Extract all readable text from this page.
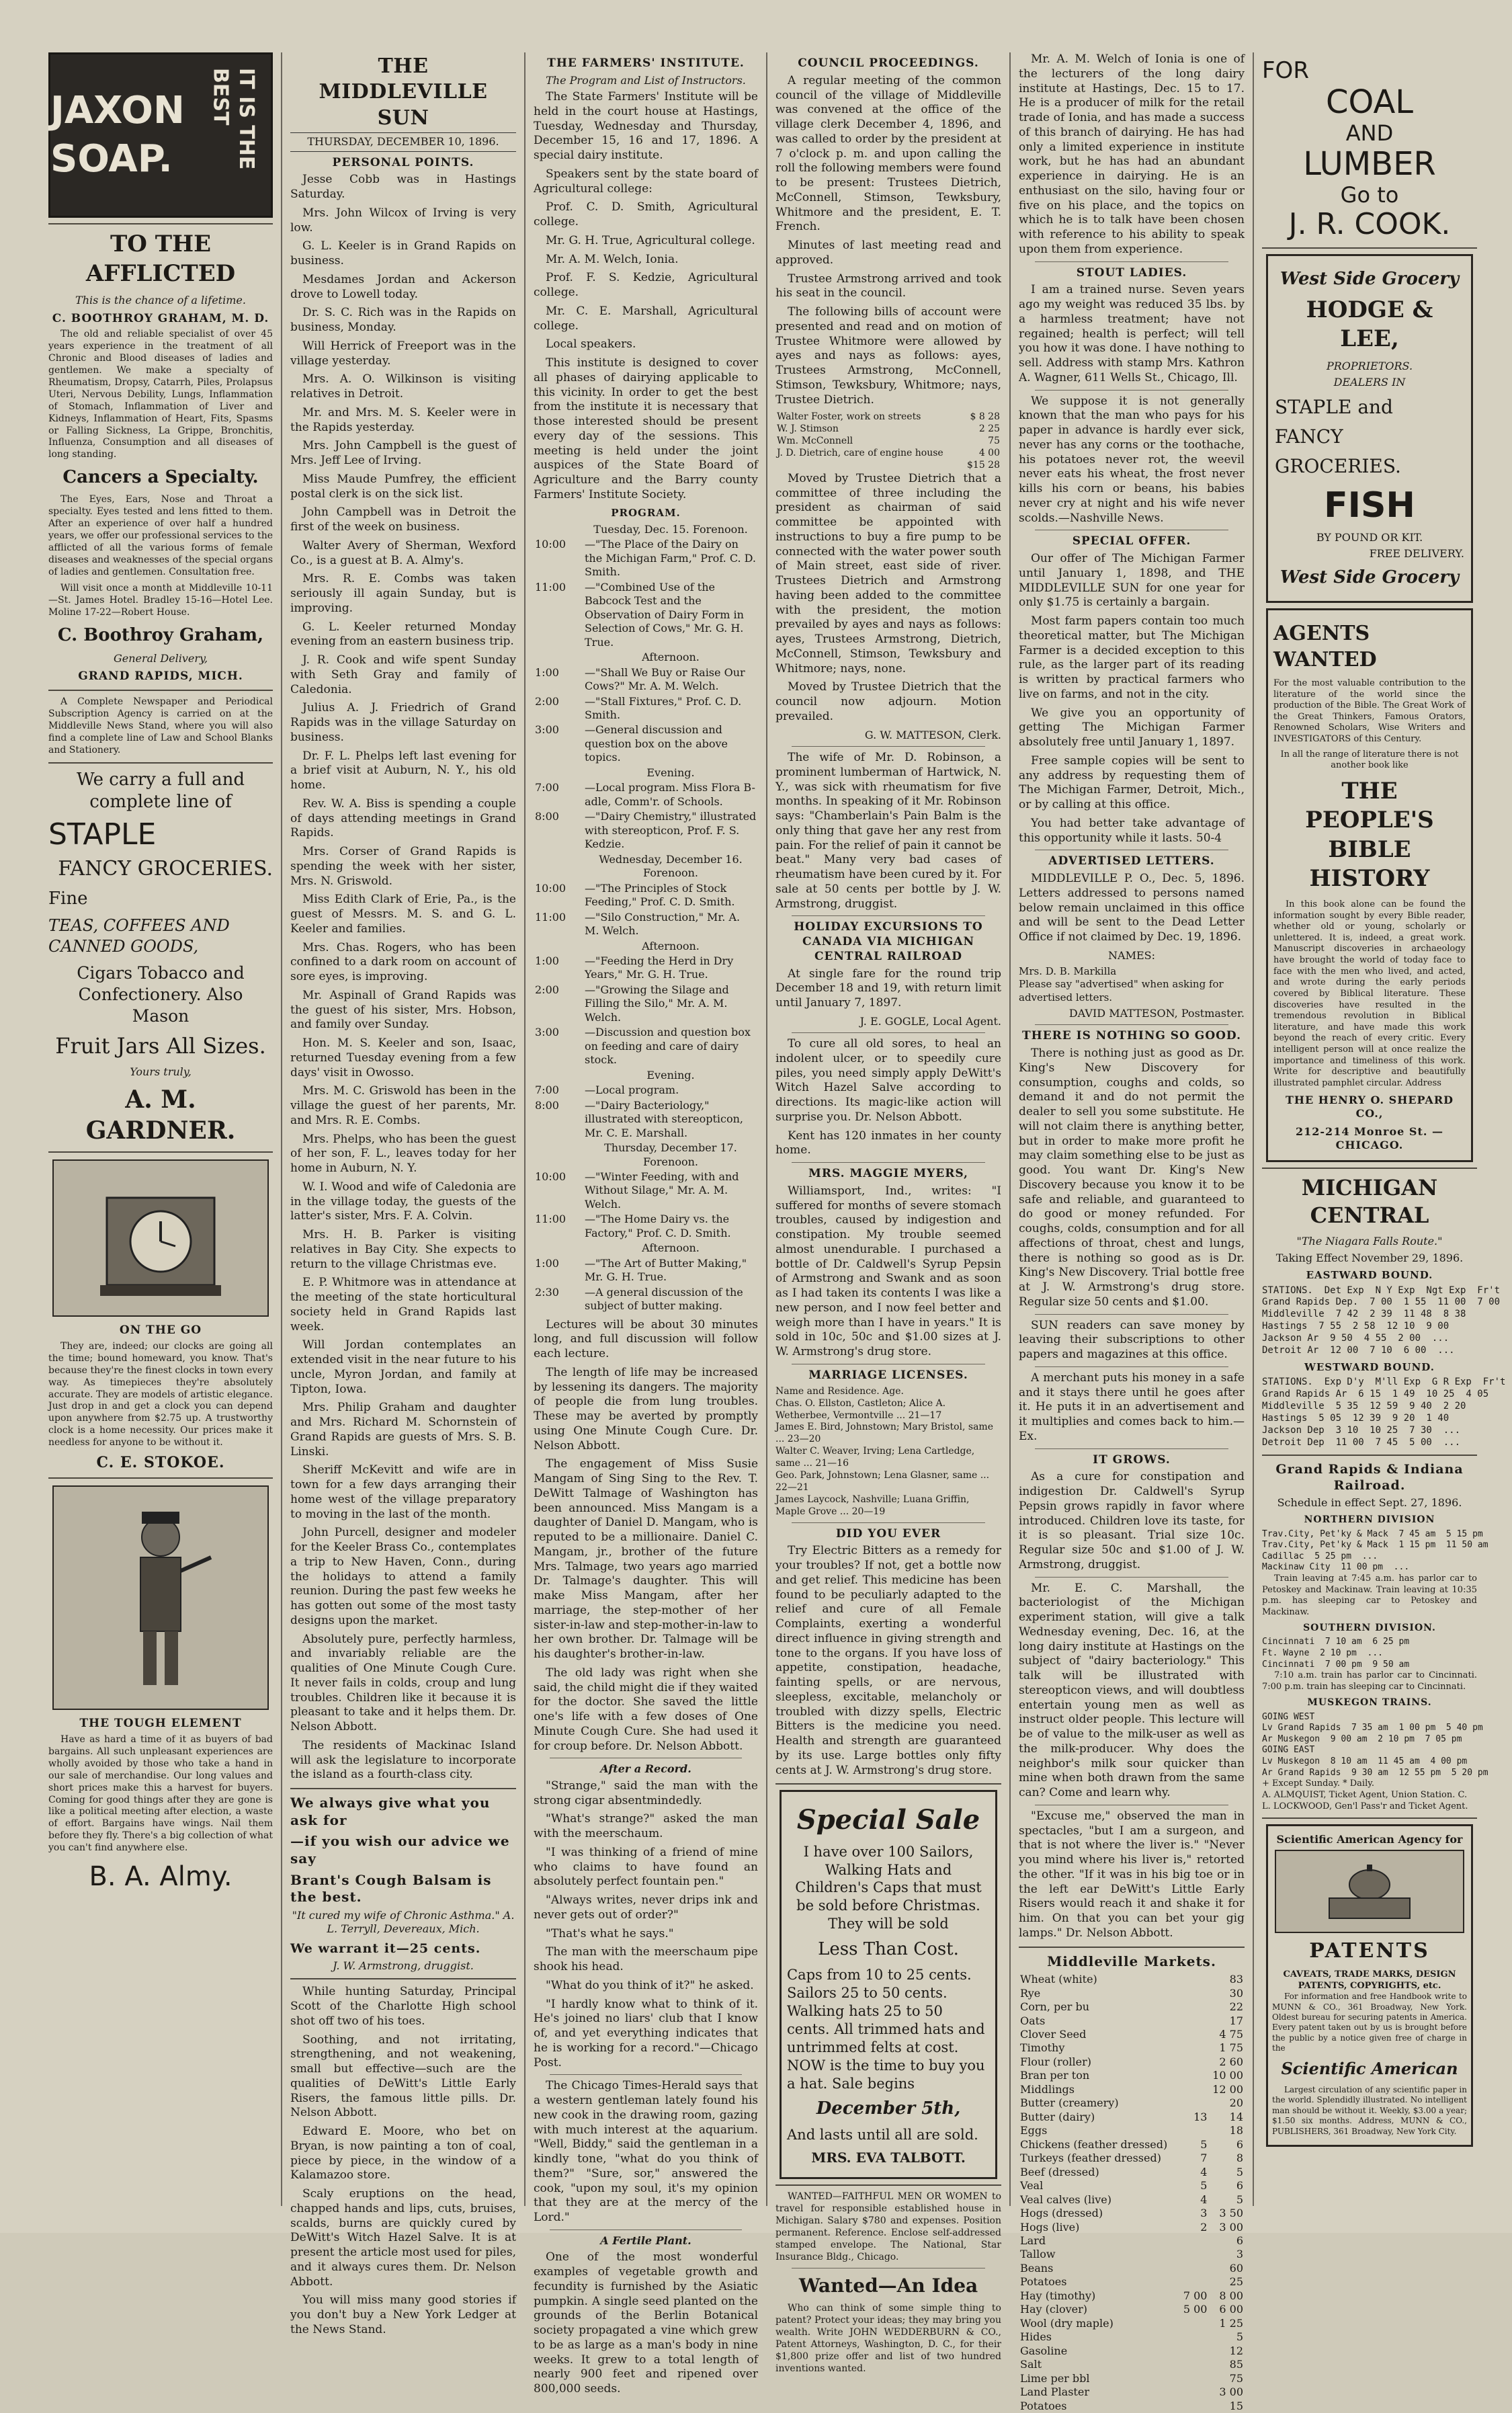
JAXON SOAP.	IT IS THE BEST
TO THE AFFLICTED
This is the chance of a lifetime.
C. BOOTHROY GRAHAM, M. D.

The old and reliable specialist of over 45 years experience in the treatment of all Chronic and Blood diseases of ladies and gentlemen. We make a specialty of Rheumatism, Dropsy, Catarrh, Piles, Prolapsus Uteri, Nervous Debility, Lungs, Inflammation of Stomach, Inflammation of Liver and Kidneys, Inflammation of Heart, Fits, Spasms or Falling Sickness, La Grippe, Bronchitis, Influenza, Consumption and all diseases of long standing.

Cancers a Specialty.

The Eyes, Ears, Nose and Throat a specialty. Eyes tested and lens fitted to them. After an experience of over half a hundred years, we offer our professional services to the afflicted of all the various forms of female diseases and weaknesses of the special organs of ladies and gentlemen. Consultation free.

Will visit once a month at Middleville 10-11—St. James Hotel. Bradley 15-16—Hotel Lee. Moline 17-22—Robert House.

C. Boothroy Graham,
General Delivery,
GRAND RAPIDS, MICH.

A Complete Newspaper and Periodical Subscription Agency is carried on at the Middleville News Stand, where you will also find a complete line of Law and School Blanks and Stationery.

We carry a full and complete line of
STAPLE
FANCY GROCERIES.
Fine
TEAS, COFFEES AND CANNED GOODS,
Cigars Tobacco and Confectionery. Also Mason
Fruit Jars All Sizes.
Yours truly,
A. M. GARDNER.
ON THE GO

They are, indeed; our clocks are going all the time; bound homeward, you know. That's because they're the finest clocks in town every way. As timepieces they're absolutely accurate. They are models of artistic elegance. Just drop in and get a clock you can depend upon anywhere from $2.75 up. A trustworthy clock is a home necessity. Our prices make it needless for anyone to be without it.

C. E. STOKOE.
THE TOUGH ELEMENT

Have as hard a time of it as buyers of bad bargains. All such unpleasant experiences are wholly avoided by those who take a hand in our sale of merchandise. Our long values and short prices make this a harvest for buyers. Coming for good things after they are gone is like a political meeting after election, a waste of effort. Bargains have wings. Nail them before they fly. There's a big collection of what you can't find anywhere else.

B. A. Almy.
THE MIDDLEVILLE SUN
THURSDAY, DECEMBER 10, 1896.
PERSONAL POINTS.

Jesse Cobb was in Hastings Saturday.

Mrs. John Wilcox of Irving is very low.

G. L. Keeler is in Grand Rapids on business.

Mesdames Jordan and Ackerson drove to Lowell today.

Dr. S. C. Rich was in the Rapids on business, Monday.

Will Herrick of Freeport was in the village yesterday.

Mrs. A. O. Wilkinson is visiting relatives in Detroit.

Mr. and Mrs. M. S. Keeler were in the Rapids yesterday.

Mrs. John Campbell is the guest of Mrs. Jeff Lee of Irving.

Miss Maude Pumfrey, the efficient postal clerk is on the sick list.

John Campbell was in Detroit the first of the week on business.

Walter Avery of Sherman, Wexford Co., is a guest at B. A. Almy's.

Mrs. R. E. Combs was taken seriously ill again Sunday, but is improving.

G. L. Keeler returned Monday evening from an eastern business trip.

J. R. Cook and wife spent Sunday with Seth Gray and family of Caledonia.

Julius A. J. Friedrich of Grand Rapids was in the village Saturday on business.

Dr. F. L. Phelps left last evening for a brief visit at Auburn, N. Y., his old home.

Rev. W. A. Biss is spending a couple of days attending meetings in Grand Rapids.

Mrs. Corser of Grand Rapids is spending the week with her sister, Mrs. N. Griswold.

Miss Edith Clark of Erie, Pa., is the guest of Messrs. M. S. and G. L. Keeler and families.

Mrs. Chas. Rogers, who has been confined to a dark room on account of sore eyes, is improving.

Mr. Aspinall of Grand Rapids was the guest of his sister, Mrs. Hobson, and family over Sunday.

Hon. M. S. Keeler and son, Isaac, returned Tuesday evening from a few days' visit in Owosso.

Mrs. M. C. Griswold has been in the village the guest of her parents, Mr. and Mrs. R. E. Combs.

Mrs. Phelps, who has been the guest of her son, F. L., leaves today for her home in Auburn, N. Y.

W. I. Wood and wife of Caledonia are in the village today, the guests of the latter's sister, Mrs. F. A. Colvin.

Mrs. H. B. Parker is visiting relatives in Bay City. She expects to return to the village Christmas eve.

E. P. Whitmore was in attendance at the meeting of the state horticultural society held in Grand Rapids last week.

Will Jordan contemplates an extended visit in the near future to his uncle, Myron Jordan, and family at Tipton, Iowa.

Mrs. Philip Graham and daughter and Mrs. Richard M. Schornstein of Grand Rapids are guests of Mrs. S. B. Linski.

Sheriff McKevitt and wife are in town for a few days arranging their home west of the village preparatory to moving in the last of the month.

John Purcell, designer and modeler for the Keeler Brass Co., contemplates a trip to New Haven, Conn., during the holidays to attend a family reunion. During the past few weeks he has gotten out some of the most tasty designs upon the market.

Absolutely pure, perfectly harmless, and invariably reliable are the qualities of One Minute Cough Cure. It never fails in colds, croup and lung troubles. Children like it because it is pleasant to take and it helps them. Dr. Nelson Abbott.

The residents of Mackinac Island will ask the legislature to incorporate the island as a fourth-class city.

We always give what you ask for
—if you wish our advice we say
Brant's Cough Balsam is the best.
"It cured my wife of Chronic Asthma." A. L. Terryll, Devereaux, Mich.
We warrant it—25 cents.
J. W. Armstrong, druggist.

While hunting Saturday, Principal Scott of the Charlotte High school shot off two of his toes.

Soothing, and not irritating, strengthening, and not weakening, small but effective—such are the qualities of DeWitt's Little Early Risers, the famous little pills. Dr. Nelson Abbott.

Edward E. Moore, who bet on Bryan, is now painting a ton of coal, piece by piece, in the window of a Kalamazoo store.

Scaly eruptions on the head, chapped hands and lips, cuts, bruises, scalds, burns are quickly cured by DeWitt's Witch Hazel Salve. It is at present the article most used for piles, and it always cures them. Dr. Nelson Abbott.

You will miss many good stories if you don't buy a New York Ledger at the News Stand.

THE FARMERS' INSTITUTE.
The Program and List of Instructors.

The State Farmers' Institute will be held in the court house at Hastings, Tuesday, Wednesday and Thursday, December 15, 16 and 17, 1896. A special dairy institute.

Speakers sent by the state board of Agricultural college:

Prof. C. D. Smith, Agricultural college.

Mr. G. H. True, Agricultural college.

Mr. A. M. Welch, Ionia.

Prof. F. S. Kedzie, Agricultural college.

Mr. C. E. Marshall, Agricultural college.

Local speakers.

This institute is designed to cover all phases of dairying applicable to this vicinity. In order to get the best from the institute it is necessary that those interested should be present every day of the sessions. This meeting is held under the joint auspices of the State Board of Agriculture and the Barry county Farmers' Institute Society.

PROGRAM.
	Tuesday, Dec. 15. Forenoon.
10:00	—"The Place of the Dairy on the Michigan Farm," Prof. C. D. Smith.
11:00	—"Combined Use of the Babcock Test and the Observation of Dairy Form in Selection of Cows," Mr. G. H. True.
	Afternoon.
1:00	—"Shall We Buy or Raise Our Cows?" Mr. A. M. Welch.
2:00	—"Stall Fixtures," Prof. C. D. Smith.
3:00	—General discussion and question box on the above topics.
	Evening.
7:00	—Local program. Miss Flora B-adle, Comm'r. of Schools.
8:00	—"Dairy Chemistry," illustrated with stereopticon, Prof. F. S. Kedzie.
	Wednesday, December 16. Forenoon.
10:00	—"The Principles of Stock Feeding," Prof. C. D. Smith.
11:00	—"Silo Construction," Mr. A. M. Welch.
	Afternoon.
1:00	—"Feeding the Herd in Dry Years," Mr. G. H. True.
2:00	—"Growing the Silage and Filling the Silo," Mr. A. M. Welch.
3:00	—Discussion and question box on feeding and care of dairy stock.
	Evening.
7:00	—Local program.
8:00	—"Dairy Bacteriology," illustrated with stereopticon, Mr. C. E. Marshall.
	Thursday, December 17. Forenoon.
10:00	—"Winter Feeding, with and Without Silage," Mr. A. M. Welch.
11:00	—"The Home Dairy vs. the Factory," Prof. C. D. Smith.
	Afternoon.
1:00	—"The Art of Butter Making," Mr. G. H. True.
2:30	—A general discussion of the subject of butter making.

Lectures will be about 30 minutes long, and full discussion will follow each lecture.

The length of life may be increased by lessening its dangers. The majority of people die from lung troubles. These may be averted by promptly using One Minute Cough Cure. Dr. Nelson Abbott.

The engagement of Miss Susie Mangam of Sing Sing to the Rev. T. DeWitt Talmage of Washington has been announced. Miss Mangam is a daughter of Daniel D. Mangam, who is reputed to be a millionaire. Daniel C. Mangam, jr., brother of the future Mrs. Talmage, two years ago married Dr. Talmage's daughter. This will make Miss Mangam, after her marriage, the step-mother of her sister-in-law and step-mother-in-law to her own brother. Dr. Talmage will be his daughter's brother-in-law.

The old lady was right when she said, the child might die if they waited for the doctor. She saved the little one's life with a few doses of One Minute Cough Cure. She had used it for croup before. Dr. Nelson Abbott.

After a Record.

"Strange," said the man with the strong cigar absentmindedly.

"What's strange?" asked the man with the meerschaum.

"I was thinking of a friend of mine who claims to have found an absolutely perfect fountain pen."

"Always writes, never drips ink and never gets out of order?"

"That's what he says."

The man with the meerschaum pipe shook his head.

"What do you think of it?" he asked.

"I hardly know what to think of it. He's joined no liars' club that I know of, and yet everything indicates that he is working for a record."—Chicago Post.

The Chicago Times-Herald says that a western gentleman lately found his new cook in the drawing room, gazing with much interest at the aquarium. "Well, Biddy," said the gentleman in a kindly tone, "what do you think of them?" "Sure, sor," answered the cook, "upon my soul, it's my opinion that they are at the mercy of the Lord."

A Fertile Plant.

One of the most wonderful examples of vegetable growth and fecundity is furnished by the Asiatic pumpkin. A single seed planted on the grounds of the Berlin Botanical society propagated a vine which grew to be as large as a man's body in nine weeks. It grew to a total length of nearly 900 feet and ripened over 800,000 seeds.

COUNCIL PROCEEDINGS.

A regular meeting of the common council of the village of Middleville was convened at the office of the village clerk December 4, 1896, and was called to order by the president at 7 o'clock p. m. and upon calling the roll the following members were found to be present: Trustees Dietrich, McConnell, Stimson, Tewksbury, Whitmore and the president, E. T. French.

Minutes of last meeting read and approved.

Trustee Armstrong arrived and took his seat in the council.

The following bills of account were presented and read and on motion of Trustee Whitmore were allowed by ayes and nays as follows: ayes, Trustees Armstrong, McConnell, Stimson, Tewksbury, Whitmore; nays, Trustee Dietrich.

Walter Foster, work on streets	$ 8 28
W. J. Stimson	2 25
Wm. McConnell	75
J. D. Dietrich, care of engine house	4 00
	$15 28

Moved by Trustee Dietrich that a committee of three including the president as chairman of said committee be appointed with instructions to buy a fire pump to be connected with the water power south of Main street, east side of river. Trustees Dietrich and Armstrong having been added to the committee with the president, the motion prevailed by ayes and nays as follows: ayes, Trustees Armstrong, Dietrich, McConnell, Stimson, Tewksbury and Whitmore; nays, none.

Moved by Trustee Dietrich that the council now adjourn. Motion prevailed.

G. W. MATTESON, Clerk.

The wife of Mr. D. Robinson, a prominent lumberman of Hartwick, N. Y., was sick with rheumatism for five months. In speaking of it Mr. Robinson says: "Chamberlain's Pain Balm is the only thing that gave her any rest from pain. For the relief of pain it cannot be beat." Many very bad cases of rheumatism have been cured by it. For sale at 50 cents per bottle by J. W. Armstrong, druggist.

HOLIDAY EXCURSIONS TO CANADA VIA MICHIGAN CENTRAL RAILROAD

At single fare for the round trip December 18 and 19, with return limit until January 7, 1897.

J. E. GOGLE, Local Agent.

To cure all old sores, to heal an indolent ulcer, or to speedily cure piles, you need simply apply DeWitt's Witch Hazel Salve according to directions. Its magic-like action will surprise you. Dr. Nelson Abbott.

Kent has 120 inmates in her county home.

MRS. MAGGIE MYERS,

Williamsport, Ind., writes: "I suffered for months of severe stomach troubles, caused by indigestion and constipation. My trouble seemed almost unendurable. I purchased a bottle of Dr. Caldwell's Syrup Pepsin of Armstrong and Swank and as soon as I had taken its contents I was like a new person, and I now feel better and weigh more than I have in years." It is sold in 10c, 50c and $1.00 sizes at J. W. Armstrong's drug store.

MARRIAGE LICENSES.
Name and Residence. Age.
Chas. O. Ellston, Castleton; Alice A. Wetherbee, Vermontville ... 21—17
James E. Bird, Johnstown; Mary Bristol, same ... 23—20
Walter C. Weaver, Irving; Lena Cartledge, same ... 21—16
Geo. Park, Johnstown; Lena Glasner, same ... 22—21
James Laycock, Nashville; Luana Griffin, Maple Grove ... 20—19
DID YOU EVER

Try Electric Bitters as a remedy for your troubles? If not, get a bottle now and get relief. This medicine has been found to be peculiarly adapted to the relief and cure of all Female Complaints, exerting a wonderful direct influence in giving strength and tone to the organs. If you have loss of appetite, constipation, headache, fainting spells, or are nervous, sleepless, excitable, melancholy or troubled with dizzy spells, Electric Bitters is the medicine you need. Health and strength are guaranteed by its use. Large bottles only fifty cents at J. W. Armstrong's drug store.

Special Sale
I have over 100 Sailors, Walking Hats and Children's Caps that must be sold before Christmas. They will be sold
Less Than Cost.
Caps from 10 to 25 cents.
Sailors 25 to 50 cents.
Walking hats 25 to 50 cents. All trimmed hats and untrimmed felts at cost.
NOW is the time to buy you a hat. Sale begins
December 5th,
And lasts until all are sold.
MRS. EVA TALBOTT.

WANTED—FAITHFUL MEN OR WOMEN to travel for responsible established house in Michigan. Salary $780 and expenses. Position permanent. Reference. Enclose self-addressed stamped envelope. The National, Star Insurance Bldg., Chicago.

Wanted—An Idea

Who can think of some simple thing to patent? Protect your ideas; they may bring you wealth. Write JOHN WEDDERBURN & CO., Patent Attorneys, Washington, D. C., for their $1,800 prize offer and list of two hundred inventions wanted.

Mr. A. M. Welch of Ionia is one of the lecturers of the long dairy institute at Hastings, Dec. 15 to 17. He is a producer of milk for the retail trade of Ionia, and has made a success of this branch of dairying. He has had only a limited experience in institute work, but he has had an abundant experience in dairying. He is an enthusiast on the silo, having four or five on his place, and the topics on which he is to talk have been chosen with reference to his ability to speak upon them from experience.

STOUT LADIES.

I am a trained nurse. Seven years ago my weight was reduced 35 lbs. by a harmless treatment; have not regained; health is perfect; will tell you how it was done. I have nothing to sell. Address with stamp Mrs. Kathron A. Wagner, 611 Wells St., Chicago, Ill.

We suppose it is not generally known that the man who pays for his paper in advance is hardly ever sick, never has any corns or the toothache, his potatoes never rot, the weevil never eats his wheat, the frost never kills his corn or beans, his babies never cry at night and his wife never scolds.—Nashville News.

SPECIAL OFFER.

Our offer of The Michigan Farmer until January 1, 1898, and THE MIDDLEVILLE SUN for one year for only $1.75 is certainly a bargain.

Most farm papers contain too much theoretical matter, but The Michigan Farmer is a decided exception to this rule, as the larger part of its reading is written by practical farmers who live on farms, and not in the city.

We give you an opportunity of getting The Michigan Farmer absolutely free until January 1, 1897.

Free sample copies will be sent to any address by requesting them of The Michigan Farmer, Detroit, Mich., or by calling at this office.

You had better take advantage of this opportunity while it lasts. 50-4

ADVERTISED LETTERS.

MIDDLEVILLE P. O., Dec. 5, 1896. Letters addressed to persons named below remain unclaimed in this office and will be sent to the Dead Letter Office if not claimed by Dec. 19, 1896.

NAMES:
Mrs. D. B. Markilla
Please say "advertised" when asking for advertised letters.
DAVID MATTESON, Postmaster.
THERE IS NOTHING SO GOOD.

There is nothing just as good as Dr. King's New Discovery for consumption, coughs and colds, so demand it and do not permit the dealer to sell you some substitute. He will not claim there is anything better, but in order to make more profit he may claim something else to be just as good. You want Dr. King's New Discovery because you know it to be safe and reliable, and guaranteed to do good or money refunded. For coughs, colds, consumption and for all affections of throat, chest and lungs, there is nothing so good as is Dr. King's New Discovery. Trial bottle free at J. W. Armstrong's drug store. Regular size 50 cents and $1.00.

SUN readers can save money by leaving their subscriptions to other papers and magazines at this office.

A merchant puts his money in a safe and it stays there until he goes after it. He puts it in an advertisement and it multiplies and comes back to him.—Ex.

IT GROWS.

As a cure for constipation and indigestion Dr. Caldwell's Syrup Pepsin grows rapidly in favor where introduced. Children love its taste, for it is so pleasant. Trial size 10c. Regular size 50c and $1.00 of J. W. Armstrong, druggist.

Mr. E. C. Marshall, the bacteriologist of the Michigan experiment station, will give a talk Wednesday evening, Dec. 16, at the long dairy institute at Hastings on the subject of "dairy bacteriology." This talk will be illustrated with stereopticon views, and will doubtless entertain young men as well as instruct older people. This lecture will be of value to the milk-user as well as the milk-producer. Why does the neighbor's milk sour quicker than mine when both drawn from the same can? Come and learn why.

"Excuse me," observed the man in spectacles, "but I am a surgeon, and that is not where the liver is." "Never you mind where his liver is," retorted the other. "If it was in his big toe or in the left ear DeWitt's Little Early Risers would reach it and shake it for him. On that you can bet your gig lamps." Dr. Nelson Abbott.

Middleville Markets.
Wheat (white)		83
Rye		30
Corn, per bu		22
Oats		17
Clover Seed		4 75
Timothy		1 75
Flour (roller)		2 60
Bran per ton		10 00
Middlings		12 00
Butter (creamery)		20
Butter (dairy)	13	14
Eggs		18
Chickens (feather dressed)	5	6
Turkeys (feather dressed)	7	8
Beef (dressed)	4	5
Veal	5	6
Veal calves (live)	4	5
Hogs (dressed)	3	3 50
Hogs (live)	2	3 00
Lard		6
Tallow		3
Beans		60
Potatoes		25
Hay (timothy)	7 00	8 00
Hay (clover)	5 00	6 00
Wool (dry maple)		1 25
Hides		5
Gasoline		12
Salt		85
Lime per bbl		75
Land Plaster		3 00
Potatoes		15
FOR
COAL
AND
LUMBER
Go to
J. R. COOK.
West Side Grocery
HODGE & LEE,
PROPRIETORS.
DEALERS IN
STAPLE and
FANCY
GROCERIES.
FISH
BY POUND OR KIT.
FREE DELIVERY.
West Side Grocery
AGENTS WANTED

For the most valuable contribution to the literature of the world since the production of the Bible. The Great Work of the Great Thinkers, Famous Orators, Renowned Scholars, Wise Writers and INVESTIGATORS of this Century.

In all the range of literature there is not another book like

THE PEOPLE'S BIBLE HISTORY

In this book alone can be found the information sought by every Bible reader, whether old or young, scholarly or unlettered. It is, indeed, a great work. Manuscript discoveries in archaeology have brought the world of today face to face with the men who lived, and acted, and wrote during the early periods covered by Biblical literature. These discoveries have resulted in the tremendous revolution in Biblical literature, and have made this work beyond the reach of every critic. Every intelligent person will at once realize the importance and timeliness of this work. Write for descriptive and beautifully illustrated pamphlet circular. Address

THE HENRY O. SHEPARD CO.,
212-214 Monroe St. — CHICAGO.
MICHIGAN CENTRAL
"The Niagara Falls Route."
Taking Effect November 29, 1896.
EASTWARD BOUND.
STATIONS.  Det Exp  N Y Exp  Ngt Exp  Fr't
Grand Rapids Dep.  7 00  1 55  11 00  7 00
Middleville  7 42  2 39  11 48  8 38
Hastings  7 55  2 58  12 10  9 00
Jackson Ar  9 50  4 55  2 00  ...
Detroit Ar  12 00  7 10  6 00  ...
WESTWARD BOUND.
STATIONS.  Exp D'y  M'll Exp  G R Exp  Fr't
Grand Rapids Ar  6 15  1 49  10 25  4 05
Middleville  5 35  12 59  9 40  2 20
Hastings  5 05  12 39  9 20  1 40
Jackson Dep  3 10  10 25  7 30  ...
Detroit Dep  11 00  7 45  5 00  ...
Grand Rapids & Indiana Railroad.
Schedule in effect Sept. 27, 1896.
NORTHERN DIVISION
Trav.City, Pet'ky & Mack  7 45 am  5 15 pm
Trav.City, Pet'ky & Mack  1 15 pm  11 50 am
Cadillac  5 25 pm  ...
Mackinaw City  11 00 pm  ...

Train leaving at 7:45 a.m. has parlor car to Petoskey and Mackinaw. Train leaving at 10:35 p.m. has sleeping car to Petoskey and Mackinaw.

SOUTHERN DIVISION.
Cincinnati  7 10 am  6 25 pm
Ft. Wayne  2 10 pm  ...
Cincinnati  7 00 pm  9 50 am

7:10 a.m. train has parlor car to Cincinnati. 7:00 p.m. train has sleeping car to Cincinnati.

MUSKEGON TRAINS.
GOING WEST
Lv Grand Rapids  7 35 am  1 00 pm  5 40 pm
Ar Muskegon  9 00 am  2 10 pm  7 05 pm
GOING EAST
Lv Muskegon  8 10 am  11 45 am  4 00 pm
Ar Grand Rapids  9 30 am  12 55 pm  5 20 pm
+ Except Sunday. * Daily.
A. ALMQUIST, Ticket Agent, Union Station. C. L. LOCKWOOD, Gen'l Pass'r and Ticket Agent.
Scientific American Agency for
PATENTS
CAVEATS, TRADE MARKS, DESIGN PATENTS, COPYRIGHTS, etc.

For information and free Handbook write to MUNN & CO., 361 Broadway, New York. Oldest bureau for securing patents in America. Every patent taken out by us is brought before the public by a notice given free of charge in the

Scientific American

Largest circulation of any scientific paper in the world. Splendidly illustrated. No intelligent man should be without it. Weekly, $3.00 a year; $1.50 six months. Address, MUNN & CO., PUBLISHERS, 361 Broadway, New York City.
